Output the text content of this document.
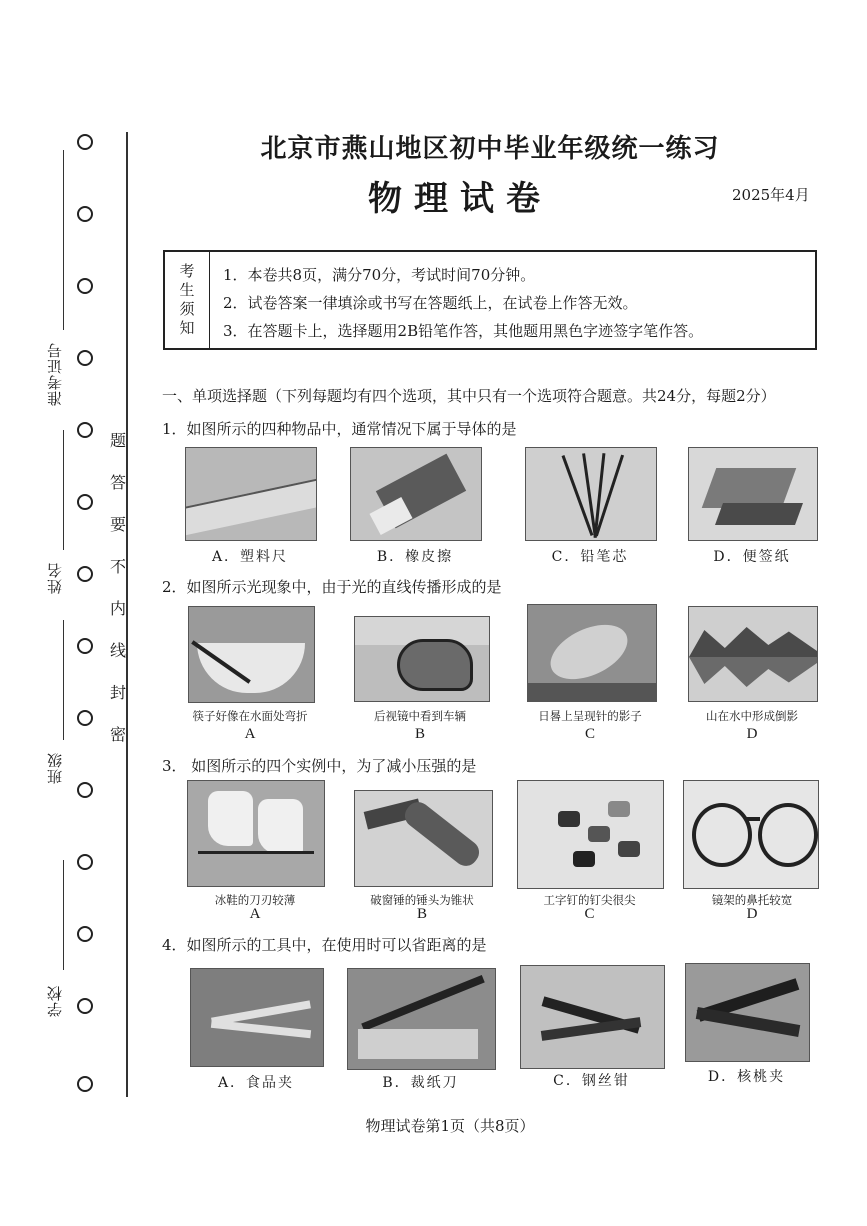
学校
班级
姓名
准考证号
密
封
线
内
不
要
答
题
北京市燕山地区初中毕业年级统一练习
物理试卷	2025年4月
考
生
须
知
1．本卷共8页，满分70分，考试时间70分钟。
2．试卷答案一律填涂或书写在答题纸上，在试卷上作答无效。
3．在答题卡上，选择题用2B铅笔作答，其他题用黑色字迹签字笔作答。
一、单项选择题（下列每题均有四个选项，其中只有一个选项符合题意。共24分，每题2分）
1．如图所示的四种物品中，通常情况下属于导体的是
A．塑料尺	B．橡皮擦	C．铅笔芯	D．便签纸
2．如图所示光现象中，由于光的直线传播形成的是
筷子好像在水面处弯折	后视镜中看到车辆	日晷上呈现针的影子	山在水中形成倒影
A	B	C	D
3． 如图所示的四个实例中，为了减小压强的是
冰鞋的刀刃较薄	破窗锤的锤头为锥状	工字钉的钉尖很尖	镜架的鼻托较宽
A	B	C	D
4．如图所示的工具中，在使用时可以省距离的是
A．食品夹	B．裁纸刀	C．钢丝钳	D．核桃夹
物理试卷第1页（共8页）
